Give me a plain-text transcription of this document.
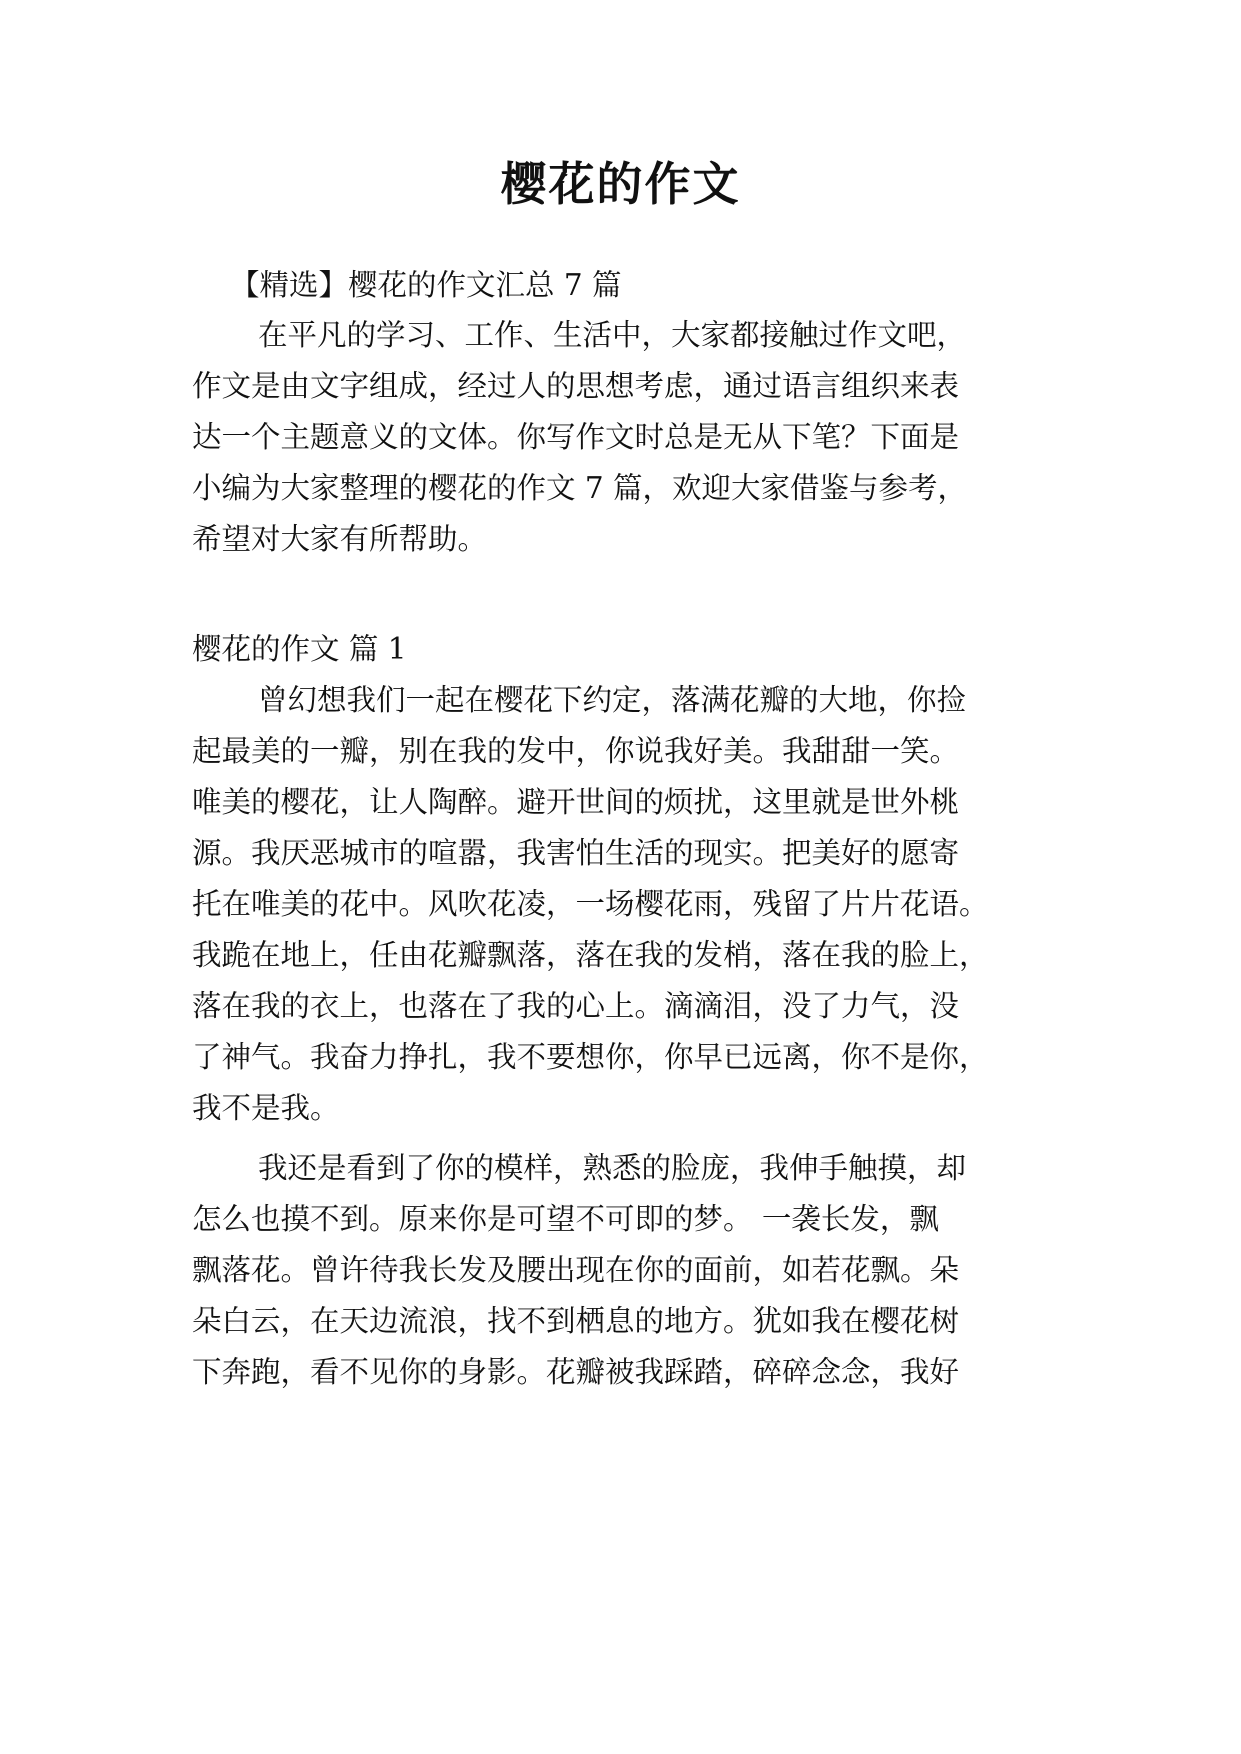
樱花的作文
【精选】樱花的作文汇总 7 篇
在平凡的学习、工作、生活中，大家都接触过作文吧，
作文是由文字组成，经过人的思想考虑，通过语言组织来表
达一个主题意义的文体。你写作文时总是无从下笔？下面是
小编为大家整理的樱花的作文 7 篇，欢迎大家借鉴与参考，
希望对大家有所帮助。
樱花的作文 篇 1
曾幻想我们一起在樱花下约定，落满花瓣的大地，你捡
起最美的一瓣，别在我的发中，你说我好美。我甜甜一笑。
唯美的樱花，让人陶醉。避开世间的烦扰，这里就是世外桃
源。我厌恶城市的喧嚣，我害怕生活的现实。把美好的愿寄
托在唯美的花中。风吹花凌，一场樱花雨，残留了片片花语。
我跪在地上，任由花瓣飘落，落在我的发梢，落在我的脸上，
落在我的衣上，也落在了我的心上。滴滴泪，没了力气，没
了神气。我奋力挣扎，我不要想你，你早已远离，你不是你，
我不是我。
我还是看到了你的模样，熟悉的脸庞，我伸手触摸，却
怎么也摸不到。原来你是可望不可即的梦。 一袭长发，飘
飘落花。曾许待我长发及腰出现在你的面前，如若花飘。朵
朵白云，在天边流浪，找不到栖息的地方。犹如我在樱花树
下奔跑，看不见你的身影。花瓣被我踩踏，碎碎念念，我好
